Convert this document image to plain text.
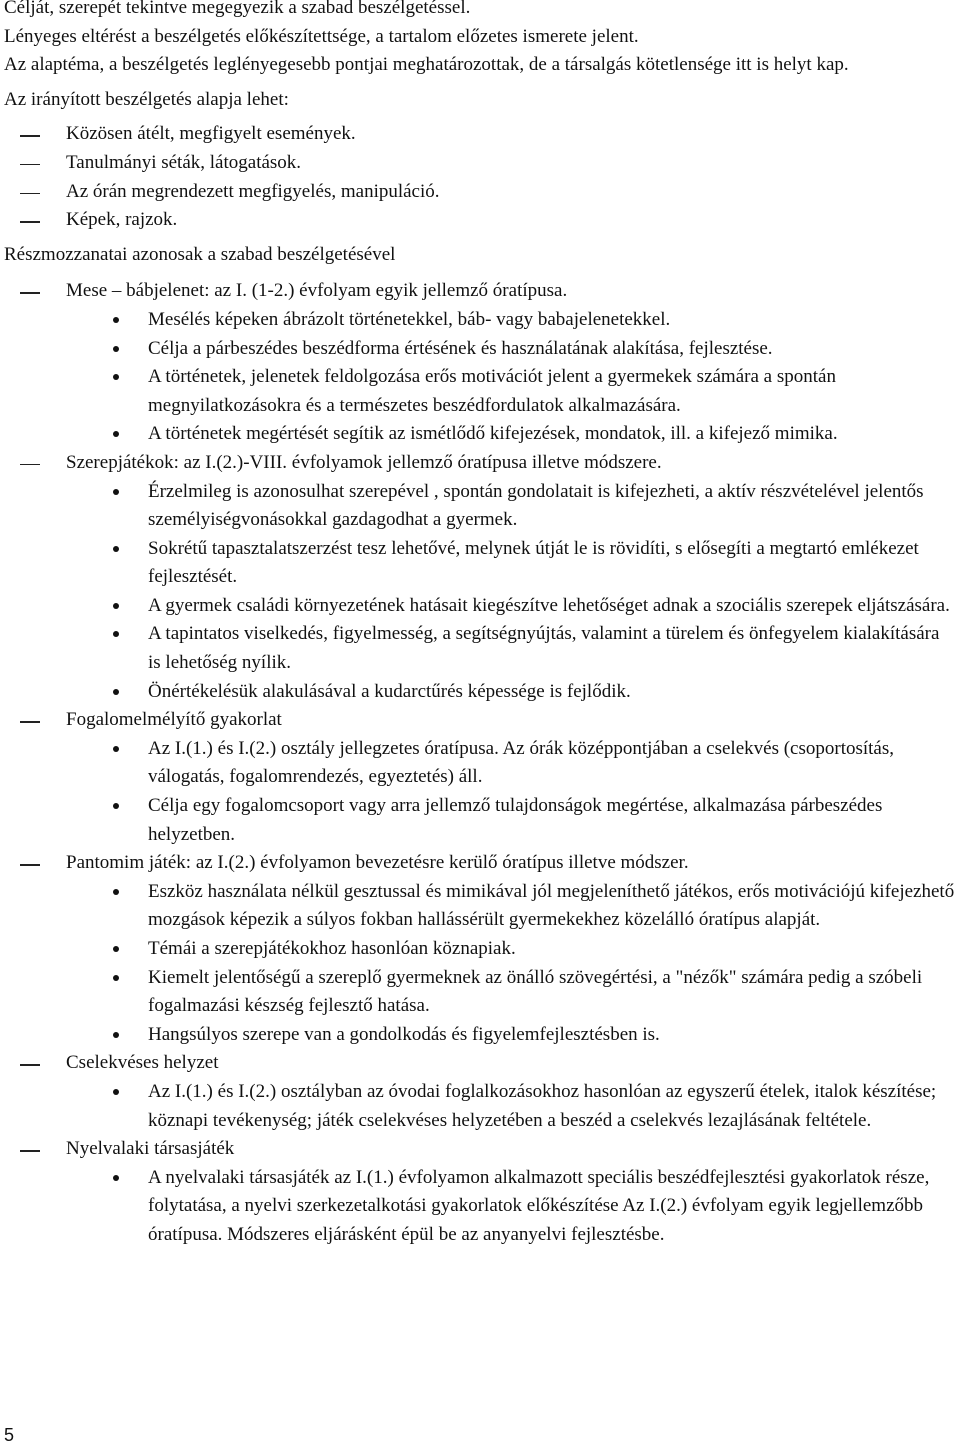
Célját, szerepét tekintve megegyezik a szabad beszélgetéssel.

Lényeges eltérést a beszélgetés előkészítettsége, a tartalom előzetes ismerete jelent.

Az alaptéma, a beszélgetés leglényegesebb pontjai meghatározottak, de a társalgás kötetlensége itt is helyt kap.

Az irányított beszélgetés alapja lehet:

Közösen átélt, megfigyelt események.
Tanulmányi séták, látogatások.
Az órán megrendezett megfigyelés, manipuláció.
Képek, rajzok.

Részmozzanatai azonosak a szabad beszélgetésével

Mese – bábjelenet: az I. (1-2.) évfolyam egyik jellemző óratípusa.
Mesélés képeken ábrázolt történetekkel, báb- vagy babajelenetekkel.
Célja a párbeszédes beszédforma értésének és használatának alakítása, fejlesztése.
A történetek, jelenetek feldolgozása erős motivációt jelent a gyermekek számára a spontán megnyilatkozásokra és a természetes beszédfordulatok alkalmazására.
A történetek megértését segítik az ismétlődő kifejezések, mondatok, ill. a kifejező mimika.
Szerepjátékok: az I.(2.)-VIII. évfolyamok jellemző óratípusa illetve módszere.
Érzelmileg is azonosulhat szerepével , spontán gondolatait is kifejezheti, a aktív részvételével jelentős személyiségvonásokkal gazdagodhat a gyermek.
Sokrétű tapasztalatszerzést tesz lehetővé, melynek útját le is rövidíti, s elősegíti a megtartó emlékezet fejlesztését.
A gyermek családi környezetének hatásait kiegészítve lehetőséget adnak a szociális szerepek eljátszására.
A tapintatos viselkedés, figyelmesség, a segítségnyújtás, valamint a türelem és önfegyelem kialakítására is lehetőség nyílik.
Önértékelésük alakulásával a kudarctűrés képessége is fejlődik.
Fogalomelmélyítő gyakorlat
Az I.(1.) és I.(2.) osztály jellegzetes óratípusa. Az órák középpontjában a cselekvés (csoportosítás, válogatás, fogalomrendezés, egyeztetés) áll.
Célja egy fogalomcsoport vagy arra jellemző tulajdonságok megértése, alkalmazása párbeszédes helyzetben.
Pantomim játék: az I.(2.) évfolyamon bevezetésre kerülő óratípus illetve módszer.
Eszköz használata nélkül gesztussal és mimikával jól megjeleníthető játékos, erős motivációjú kifejezhető mozgások képezik a súlyos fokban hallássérült gyermekekhez közelálló óratípus alapját.
Témái a szerepjátékokhoz hasonlóan köznapiak.
Kiemelt jelentőségű a szereplő gyermeknek az önálló szövegértési, a "nézők" számára pedig a szóbeli fogalmazási készség fejlesztő hatása.
Hangsúlyos szerepe van a gondolkodás és figyelemfejlesztésben is.
Cselekvéses helyzet
Az I.(1.) és I.(2.) osztályban az óvodai foglalkozásokhoz hasonlóan az egyszerű ételek, italok készítése; köznapi tevékenység; játék cselekvéses helyzetében a beszéd a cselekvés lezajlásának feltétele.
Nyelvalaki társasjáték
A nyelvalaki társasjáték az I.(1.) évfolyamon alkalmazott speciális beszédfejlesztési gyakorlatok része, folytatása, a nyelvi szerkezetalkotási gyakorlatok előkészítése Az I.(2.) évfolyam egyik legjellemzőbb óratípusa. Módszeres eljárásként épül be az anyanyelvi fejlesztésbe.
5
